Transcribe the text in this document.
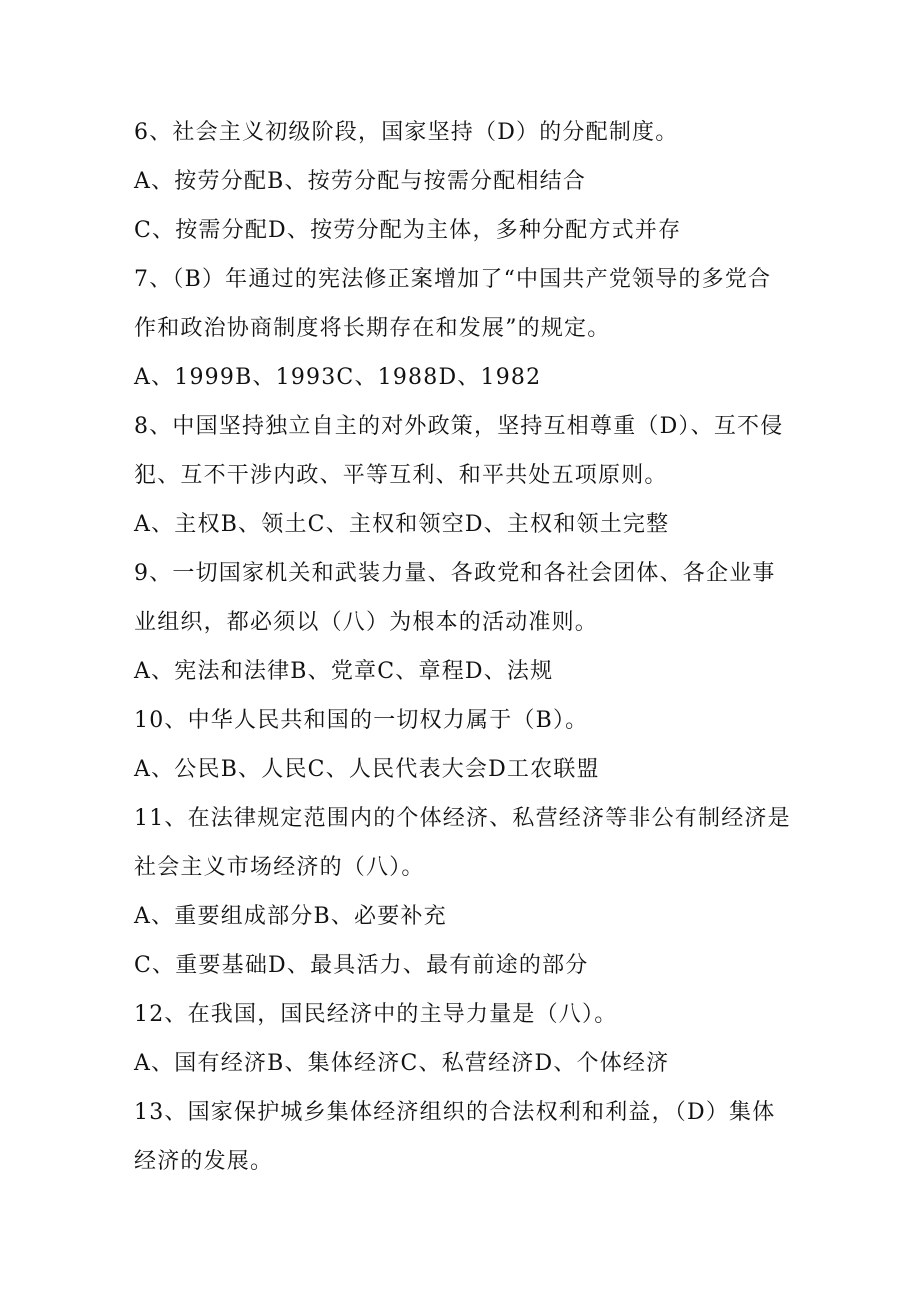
6、社会主义初级阶段，国家坚持（D）的分配制度。
A、按劳分配B、按劳分配与按需分配相结合
C、按需分配D、按劳分配为主体，多种分配方式并存
7、（B）年通过的宪法修正案增加了“中国共产党领导的多党合
作和政治协商制度将长期存在和发展”的规定。
A、1999B、1993C、1988D、1982
8、中国坚持独立自主的对外政策，坚持互相尊重（D）、互不侵
犯、互不干涉内政、平等互利、和平共处五项原则。
A、主权B、领土C、主权和领空D、主权和领土完整
9、一切国家机关和武装力量、各政党和各社会团体、各企业事
业组织，都必须以（八）为根本的活动准则。
A、宪法和法律B、党章C、章程D、法规
10、中华人民共和国的一切权力属于（B）。
A、公民B、人民C、人民代表大会D工农联盟
11、在法律规定范围内的个体经济、私营经济等非公有制经济是
社会主义市场经济的（八）。
A、重要组成部分B、必要补充
C、重要基础D、最具活力、最有前途的部分
12、在我国，国民经济中的主导力量是（八）。
A、国有经济B、集体经济C、私营经济D、个体经济
13、国家保护城乡集体经济组织的合法权利和利益，（D）集体
经济的发展。
